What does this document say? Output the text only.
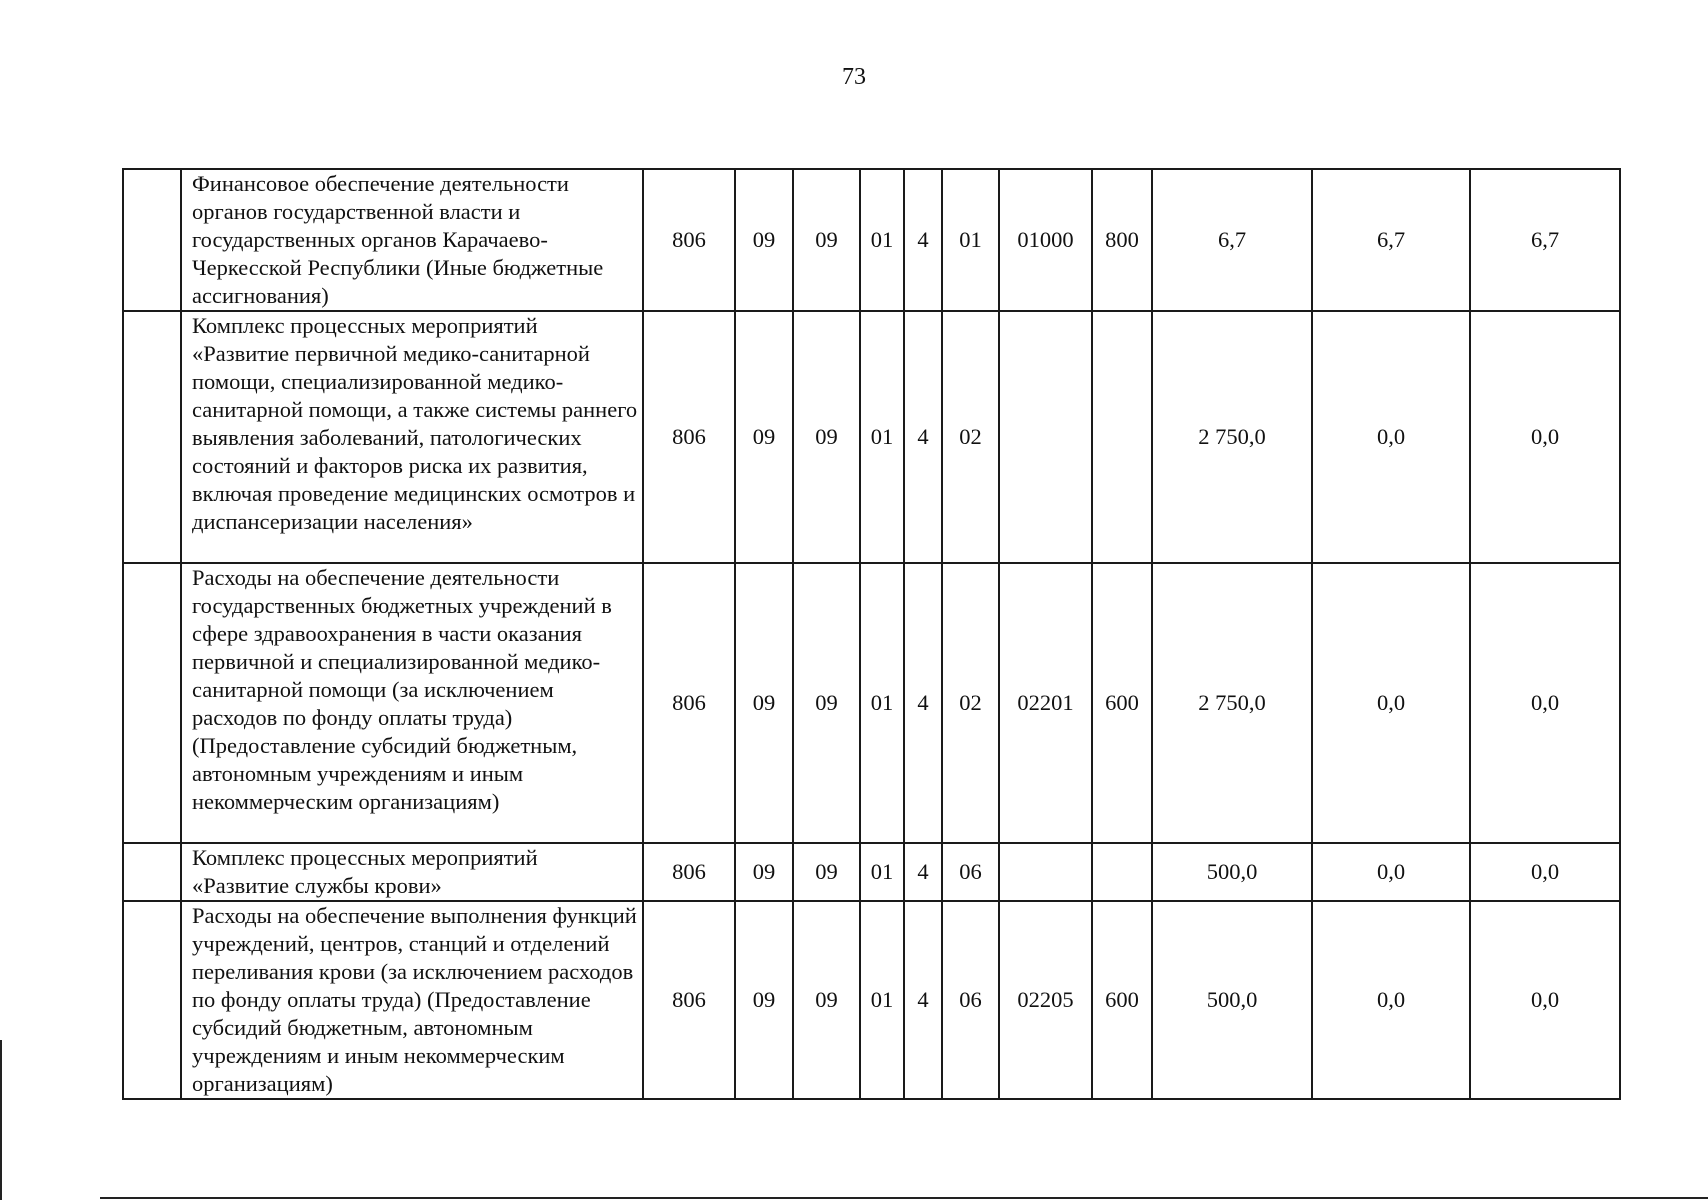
73
	Финансовое обеспечение деятельности органов государственной власти и государственных органов Карачаево-Черкесской Республики (Иные бюджетные ассигнования)	806	09	09	01	4	01	01000	800	6,7	6,7	6,7
	Комплекс процессных мероприятий «Развитие первичной медико-санитарной помощи, специализированной медико-санитарной помощи, а также системы раннего выявления заболеваний, патологических состояний и факторов риска их развития, включая проведение медицинских осмотров и диспансеризации населения»	806	09	09	01	4	02			2 750,0	0,0	0,0
	Расходы на обеспечение деятельности государственных бюджетных учреждений в сфере здравоохранения в части оказания первичной и специализированной медико-санитарной помощи (за исключением расходов по фонду оплаты труда) (Предоставление субсидий бюджетным, автономным учреждениям и иным некоммерческим организациям)	806	09	09	01	4	02	02201	600	2 750,0	0,0	0,0
	Комплекс процессных мероприятий «Развитие службы крови»	806	09	09	01	4	06			500,0	0,0	0,0
	Расходы на обеспечение выполнения функций учреждений, центров, станций и отделений переливания крови (за исключением расходов по фонду оплаты труда) (Предоставление субсидий бюджетным, автономным учреждениям и иным некоммерческим организациям)	806	09	09	01	4	06	02205	600	500,0	0,0	0,0
